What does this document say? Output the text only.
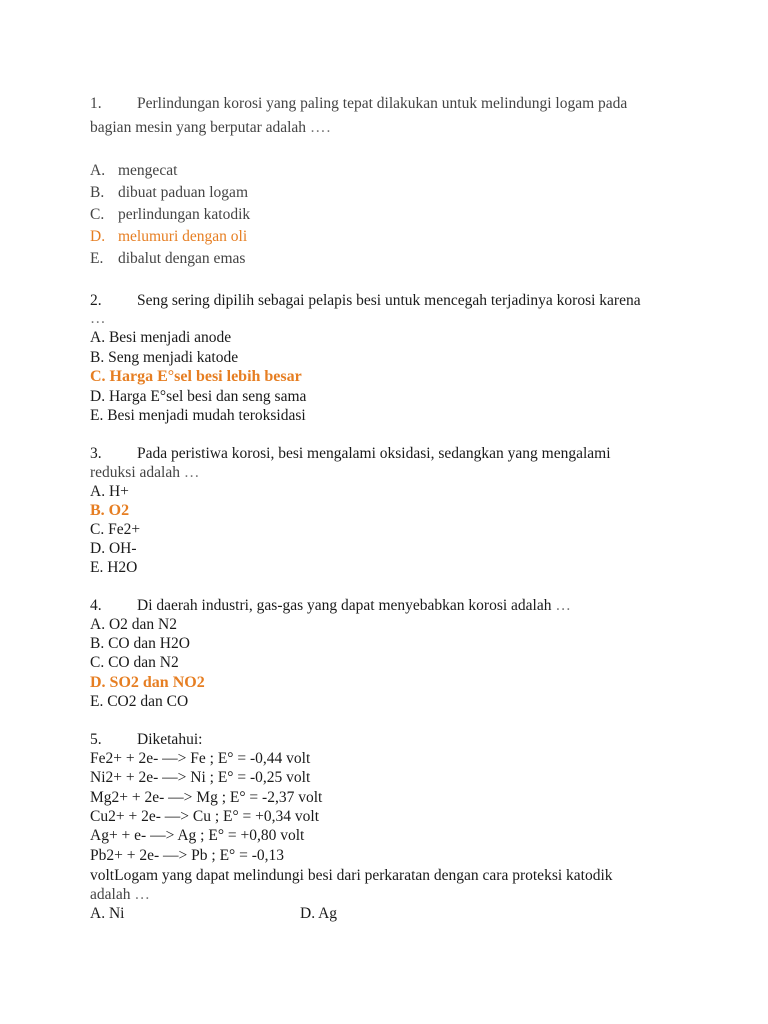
1. Perlindungan korosi yang paling tepat dilakukan untuk melindungi logam pada
bagian mesin yang berputar adalah ….
A. mengecat
B. dibuat paduan logam
C. perlindungan katodik
D. melumuri dengan oli
E. dibalut dengan emas
2. Seng sering dipilih sebagai pelapis besi untuk mencegah terjadinya korosi karena
…
A. Besi menjadi anode
B. Seng menjadi katode
C. Harga E°sel besi lebih besar
D. Harga E°sel besi dan seng sama
E. Besi menjadi mudah teroksidasi
3. Pada peristiwa korosi, besi mengalami oksidasi, sedangkan yang mengalami
reduksi adalah …
A. H+
B. O2
C. Fe2+
D. OH-
E. H2O
4. Di daerah industri, gas-gas yang dapat menyebabkan korosi adalah …
A. O2 dan N2
B. CO dan H2O
C. CO dan N2
D. SO2 dan NO2
E. CO2 dan CO
5. Diketahui:
Fe2+ + 2e- —> Fe ; E° = -0,44 volt
Ni2+ + 2e- —> Ni ; E° = -0,25 volt
Mg2+ + 2e- —> Mg ; E° = -2,37 volt
Cu2+ + 2e- —> Cu ; E° = +0,34 volt
Ag+ + e- —> Ag ; E° = +0,80 volt
Pb2+ + 2e- —> Pb ; E° = -0,13
voltLogam yang dapat melindungi besi dari perkaratan dengan cara proteksi katodik
adalah …
A. Ni	D. Ag
